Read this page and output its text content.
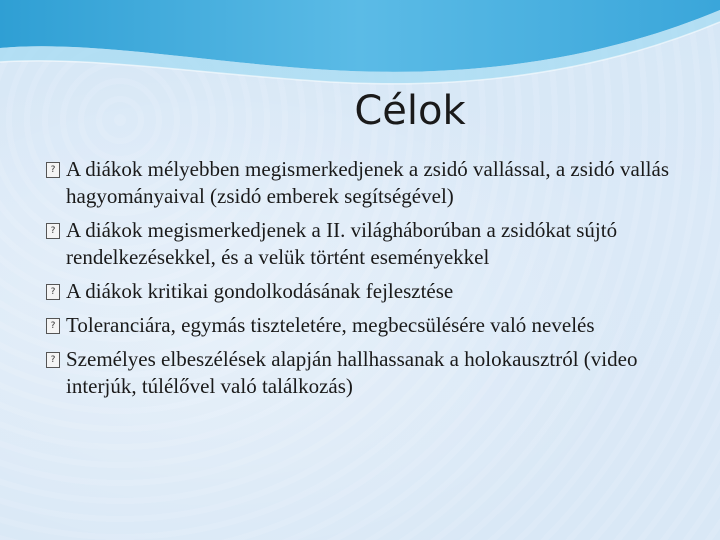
Célok
? A diákok mélyebben megismerkedjenek a zsidó vallással, a zsidó vallás hagyományaival (zsidó emberek segítségével)
? A diákok megismerkedjenek a II. világháborúban a zsidókat sújtó rendelkezésekkel, és a velük történt eseményekkel
? A diákok kritikai gondolkodásának fejlesztése
? Toleranciára, egymás tiszteletére, megbecsülésére való nevelés
? Személyes elbeszélések alapján hallhassanak a holokausztról (video interjúk, túlélővel való találkozás)
